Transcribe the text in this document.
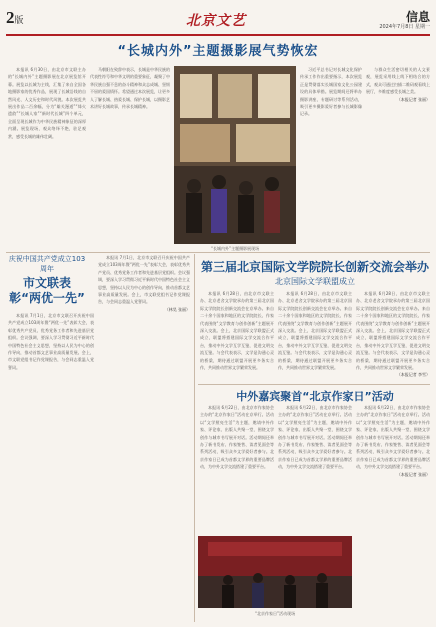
2版	北京文艺	信息
2024年7月8日 星期一
“长城内外”主题摄影展气势恢宏

本报讯 6月30日，由北京市文联主办的“长城内外”主题摄影展在北京展览馆开幕。展览以长城为主线，汇集了来自全国各地摄影家的优秀作品，展现了长城沿线的自然风光、人文历史和时代风貌。本次展览共展出作品二百余幅，分为“雄关漫道”“烽火遗韵”“长城人家”“新时代长城”四个单元，全面呈现长城作为中华民族精神象征的深厚内涵。展览现场，观众络绎不绝，驻足观赏，感受长城的雄伟壮阔。

马朝阳在致辞中表示，长城是中华民族的代表性符号和中华文明的重要象征，凝聚了中华民族自强不息的奋斗精神和众志成城、坚韧不屈的爱国情怀。希望通过本次展览，让更多人了解长城、热爱长城、保护长城，以摄影艺术讲好长城故事，传承长城精神。

“长城内外”主题摄影展现场

习近平总书记对长城文化保护传承工作作出重要指示，本次展览正是贯彻落实长城国家文化公园建设的具体举措。展览期间还将举办摄影讲座、专题研讨等系列活动，吸引更多摄影爱好者参与长城影像记录。

与群众生活密切相关的人文景观，展览采用线上线下相结合的方式，观众可通过扫描二维码观看线上展厅，多维度感受长城之美。

（本报记者 张丽）
庆祝中国共产党成立103周年
市文联表彰“两优一先”

本报讯 7月1日，北京市文联召开庆祝中国共产党成立103周年暨“两优一先”表彰大会，表彰优秀共产党员、优秀党务工作者和先进基层党组织。会议强调，要深入学习贯彻习近平新时代中国特色社会主义思想，坚持以人民为中心的创作导向，推动首都文艺事业高质量发展。会上，市文联党组书记作党课报告，与会同志重温入党誓词。

本报讯 7月1日，北京市文联召开庆祝中国共产党成立103周年暨“两优一先”表彰大会，表彰优秀共产党员、优秀党务工作者和先进基层党组织。会议强调，要深入学习贯彻习近平新时代中国特色社会主义思想，坚持以人民为中心的创作导向，推动首都文艺事业高质量发展。会上，市文联党组书记作党课报告，与会同志重温入党誓词。

（林昊 张丽）
第三届北京国际文学院院长创新交流会举办
北京国际文学联盟成立

本报讯 6月28日，由北京市文联主办、北京老舍文学院承办的第三届北京国际文学院院长创新交流会在京举办。来自二十余个国家和地区的文学院院长、作家代表围绕“文学教育与创作创新”主题展开深入交流。会上，北京国际文学联盟正式成立，联盟将搭建国际文学交流合作平台，推动中外文学互学互鉴，促进文明交流互鉴。与会代表表示，文学是沟通心灵的桥梁，期待通过联盟开展更多务实合作，共同推动世界文学繁荣发展。

本报讯 6月28日，由北京市文联主办、北京老舍文学院承办的第三届北京国际文学院院长创新交流会在京举办。来自二十余个国家和地区的文学院院长、作家代表围绕“文学教育与创作创新”主题展开深入交流。会上，北京国际文学联盟正式成立，联盟将搭建国际文学交流合作平台，推动中外文学互学互鉴，促进文明交流互鉴。与会代表表示，文学是沟通心灵的桥梁，期待通过联盟开展更多务实合作，共同推动世界文学繁荣发展。

本报讯 6月28日，由北京市文联主办、北京老舍文学院承办的第三届北京国际文学院院长创新交流会在京举办。来自二十余个国家和地区的文学院院长、作家代表围绕“文学教育与创作创新”主题展开深入交流。会上，北京国际文学联盟正式成立，联盟将搭建国际文学交流合作平台，推动中外文学互学互鉴，促进文明交流互鉴。与会代表表示，文学是沟通心灵的桥梁，期待通过联盟开展更多务实合作，共同推动世界文学繁荣发展。

（本报记者 李雪）
中外嘉宾聚首“北京作家日”活动

本报讯 6月22日，由北京市作家协会主办的“北京作家日”活动在京举行。活动以“文学照亮生活”为主题，邀请中外作家、评论家、出版人共聚一堂，围绕文学创作与城市书写展开对话。活动期间还举办了新书发布、作家签售、读者见面会等系列活动，吸引众多文学爱好者参与。北京作家日已成为首都文学界的重要品牌活动，为中外文学交流搭建了重要平台。

本报讯 6月22日，由北京市作家协会主办的“北京作家日”活动在京举行。活动以“文学照亮生活”为主题，邀请中外作家、评论家、出版人共聚一堂，围绕文学创作与城市书写展开对话。活动期间还举办了新书发布、作家签售、读者见面会等系列活动，吸引众多文学爱好者参与。北京作家日已成为首都文学界的重要品牌活动，为中外文学交流搭建了重要平台。

本报讯 6月22日，由北京市作家协会主办的“北京作家日”活动在京举行。活动以“文学照亮生活”为主题，邀请中外作家、评论家、出版人共聚一堂，围绕文学创作与城市书写展开对话。活动期间还举办了新书发布、作家签售、读者见面会等系列活动，吸引众多文学爱好者参与。北京作家日已成为首都文学界的重要品牌活动，为中外文学交流搭建了重要平台。

（本报记者 张丽）
“北京作家日”活动现场
